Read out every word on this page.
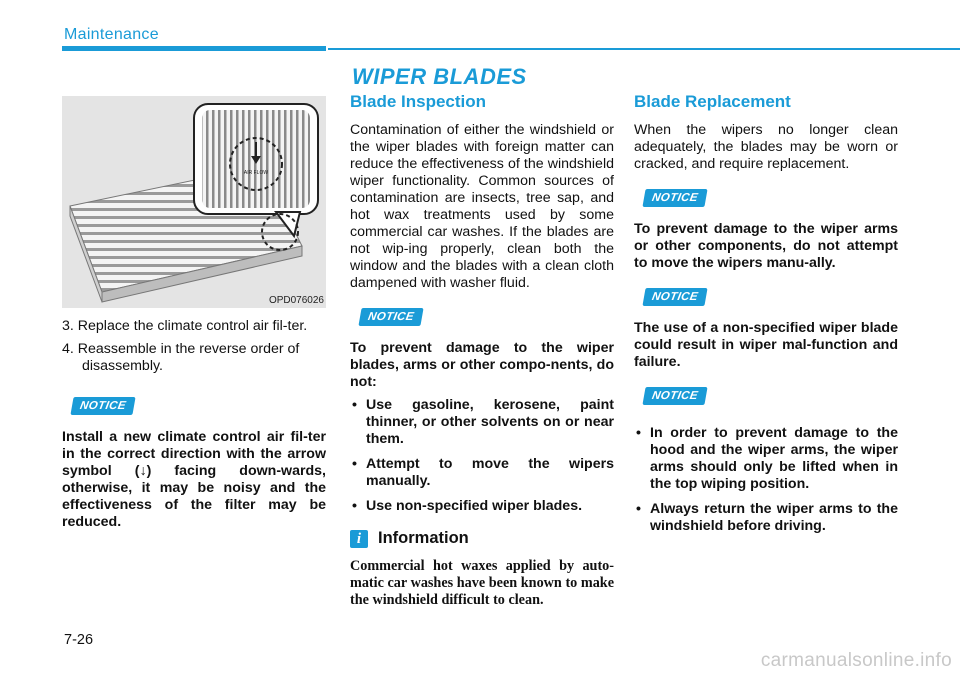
Maintenance
WIPER BLADES
AIR FLOW
OPD076026
3. Replace the climate control air fil-ter.
4. Reassemble in the reverse order of disassembly.
NOTICE

Install a new climate control air fil-ter in the correct direction with the arrow symbol (↓) facing down-wards, otherwise, it may be noisy and the effectiveness of the filter may be reduced.

Blade Inspection

Contamination of either the windshield or the wiper blades with foreign matter can reduce the effectiveness of the windshield wiper functionality. Common sources of contamination are insects, tree sap, and hot wax treatments used by some commercial car washes. If the blades are not wip-ing properly, clean both the window and the blades with a clean cloth dampened with washer fluid.

NOTICE

To prevent damage to the wiper blades, arms or other compo-nents, do not:

• Use gasoline, kerosene, paint thinner, or other solvents on or near them.
• Attempt to move the wipers manually.
• Use non-specified wiper blades.
i	Information
Commercial hot waxes applied by auto-matic car washes have been known to make the windshield difficult to clean.
Blade Replacement

When the wipers no longer clean adequately, the blades may be worn or cracked, and require replacement.

NOTICE

To prevent damage to the wiper arms or other components, do not attempt to move the wipers manu-ally.

NOTICE

The use of a non-specified wiper blade could result in wiper mal-function and failure.

NOTICE
• In order to prevent damage to the hood and the wiper arms, the wiper arms should only be lifted when in the top wiping position.
• Always return the wiper arms to the windshield before driving.
7-26
carmanualsonline.info
